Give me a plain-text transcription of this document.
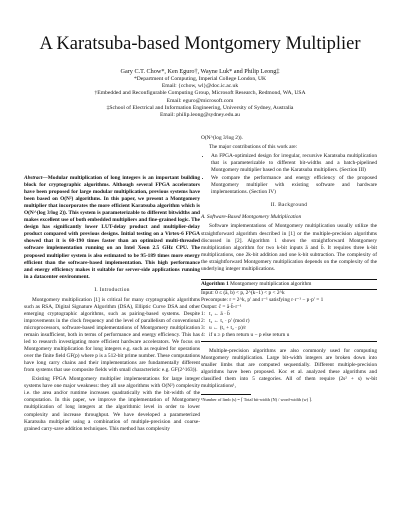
A Karatsuba-based Montgomery Multiplier
Gary C.T. Chow*, Ken Eguro†, Wayne Luk* and Philip Leong‡
*Department of Computing, Imperial College London, UK
Email: {cchow, wl}@doc.ic.ac.uk
†Embedded and Reconfigurable Computing Group, Microsoft Research, Redmond, WA, USA
Email: eguro@microsoft.com
‡School of Electrical and Information Engineering, University of Sydney, Australia
Email: philip.leong@sydney.edu.au
Abstract—Modular multiplication of long integers is an important building block for cryptographic algorithms. Although several FPGA accelerators have been proposed for large modular multiplication, previous systems have been based on O(N²) algorithms. In this paper, we present a Montgomery multiplier that incorporates the more efficient Karatsuba algorithm which is O(N^(log 3/log 2)). This system is parameterizable to different bitwidths and makes excellent use of both embedded multipliers and fine-grained logic. The design has significantly lower LUT-delay product and multiplier-delay product compared with previous designs. Initial testing on a Virtex-6 FPGA showed that it is 60-190 times faster than an optimized multi-threaded software implementation running on an Intel Xeon 2.5 GHz CPU. The proposed multiplier system is also estimated to be 95-189 times more energy efficient than the software-based implementation. This high performance and energy efficiency makes it suitable for server-side applications running in a datacenter environment.
I. Introduction

Montgomery multiplication [1] is critical for many cryptographic algorithms such as RSA, Digital Signature Algorithm (DSA), Elliptic Curve DSA and other emerging cryptographic algorithms, such as pairing-based systems. Despite improvements in the clock frequency and the level of parallelism of conventional microprocessors, software-based implementations of Montgomery multiplication remain insufficient, both in terms of performance and energy efficiency. This has led to research investigating more efficient hardware accelerators. We focus on Montgomery multiplication for long integers e.g. such as required for operations over the finite field GF(p) where p is a 512-bit prime number. These computations have long carry chains and their implementations are fundamentally different from systems that use composite fields with small characteristic e.g. GF(2^163)).

Existing FPGA Montgomery multiplier implementations for large integer systems have one major weakness: they all use algorithms with O(N²) complexity i.e. the area and/or runtime increases quadratically with the bit-width of the computation. In this paper, we improve the implementation of Montgomery multiplication of long integers at the algorithmic level in order to lower complexity and increase throughput. We have developed a parameterized Karatsuba multiplier using a combination of multiple-precision and coarse-grained carry-save addition techniques. This method has complexity

O(N^(log 3/log 2)).

The major contributions of this work are:

• An FPGA-optimized design for irregular, recursive Karatsuba multiplication that is parameterizable to different bit-widths and a batch-pipelined Montgomery multiplier based on the Karatsuba multipliers. (Section III)
• We compare the performance and energy efficiency of the proposed Montgomery multiplier with existing software and hardware implementations. (Section IV)
II. Background
A. Software-Based Montgomery Multiplication

Software implementations of Montgomery multiplication usually utilize the straightforward algorithm described in [1] or the multiple-precision algorithms discussed in [2]. Algorithm 1 shows the straightforward Montgomery multiplication algorithm for two k-bit inputs ā and b̄. It requires three k-bit multiplications, one 2k-bit addition and one k-bit subtraction. The complexity of the straightforward Montgomery multiplication depends on the complexity of the underlying integer multiplications.

Algorithm 1 Montgomery multiplication algorithm
Input: 0 ≤ (ā, b̄) < p, 2^(k−1) < p < 2^k
Precompute: r = 2^k, p′ and r⁻¹ satisfying r·r⁻¹ − p·p′ = 1
Output: c̄ = ā·b̄·r⁻¹
1: t₁ ← ā · b̄
2: t₂ ← t₁ · p′ (mod r)
3: u ← (t₁ + t₂ · p)/r
4: if u ≥ p then return u − p else return u

Multiple-precision algorithms are also commonly used for computing Montgomery multiplication. Large bit-width integers are broken down into smaller limbs that are computed sequentially. Different multiple-precision algorithms have been proposed. Koc et al. analyzed these algorithms and classified them into 5 categories. All of them require (2s² + s) w-bit multiplications¹,

¹Number of limb (s) = ⌈ Total bit-width (N) / word-width (w) ⌉.
